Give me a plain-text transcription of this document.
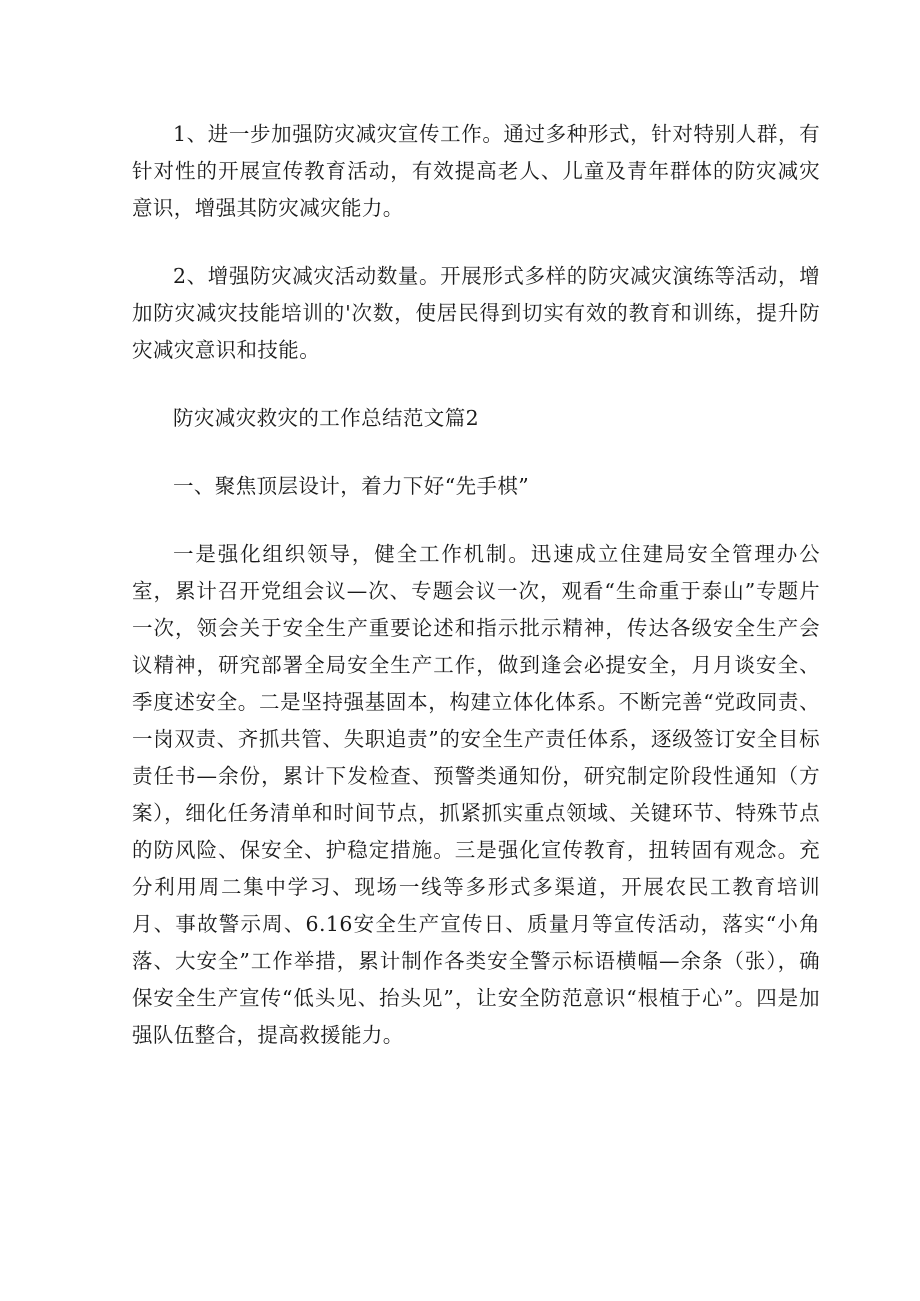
1、进一步加强防灾减灾宣传工作。通过多种形式，针对特别人群，有针对性的开展宣传教育活动，有效提高老人、儿童及青年群体的防灾减灾意识，增强其防灾减灾能力。

2、增强防灾减灾活动数量。开展形式多样的防灾减灾演练等活动，增加防灾减灾技能培训的'次数，使居民得到切实有效的教育和训练，提升防灾减灾意识和技能。

防灾减灾救灾的工作总结范文篇2

一、聚焦顶层设计，着力下好“先手棋”

一是强化组织领导，健全工作机制。迅速成立住建局安全管理办公室，累计召开党组会议—次、专题会议一次，观看“生命重于泰山”专题片一次，领会关于安全生产重要论述和指示批示精神，传达各级安全生产会议精神，研究部署全局安全生产工作，做到逢会必提安全，月月谈安全、季度述安全。二是坚持强基固本，构建立体化体系。不断完善“党政同责、一岗双责、齐抓共管、失职追责”的安全生产责任体系，逐级签订安全目标责任书—余份，累计下发检查、预警类通知份，研究制定阶段性通知（方案），细化任务清单和时间节点，抓紧抓实重点领域、关键环节、特殊节点的防风险、保安全、护稳定措施。三是强化宣传教育，扭转固有观念。充分利用周二集中学习、现场一线等多形式多渠道，开展农民工教育培训月、事故警示周、6.16安全生产宣传日、质量月等宣传活动，落实“小角落、大安全”工作举措，累计制作各类安全警示标语横幅—余条（张），确保安全生产宣传“低头见、抬头见”，让安全防范意识“根植于心”。四是加强队伍整合，提高救援能力。
